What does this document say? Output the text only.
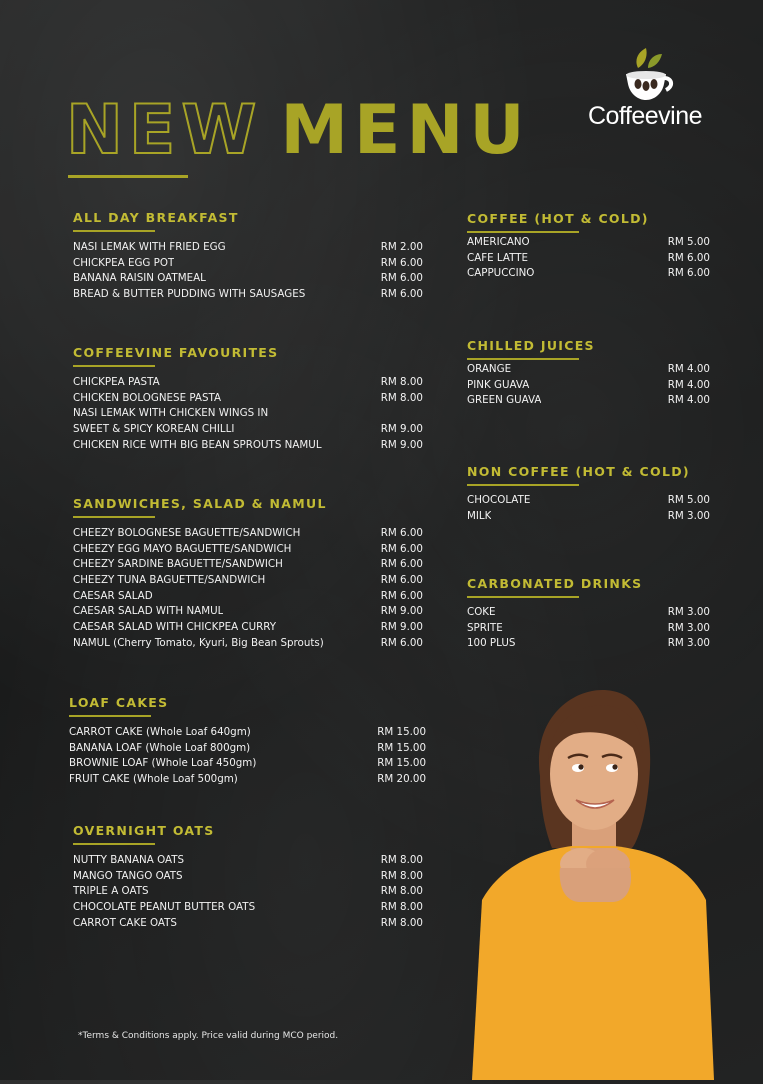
NEW MENU	Coffeevine
ALL DAY BREAKFAST
NASI LEMAK WITH FRIED EGG	RM 2.00
CHICKPEA EGG POT	RM 6.00
BANANA RAISIN OATMEAL	RM 6.00
BREAD & BUTTER PUDDING WITH SAUSAGES	RM 6.00
COFFEEVINE FAVOURITES
CHICKPEA PASTA	RM 8.00
CHICKEN BOLOGNESE PASTA	RM 8.00
NASI LEMAK WITH CHICKEN WINGS IN
SWEET & SPICY KOREAN CHILLI	RM 9.00
CHICKEN RICE WITH BIG BEAN SPROUTS NAMUL	RM 9.00
SANDWICHES, SALAD & NAMUL
CHEEZY BOLOGNESE BAGUETTE/SANDWICH	RM 6.00
CHEEZY EGG MAYO BAGUETTE/SANDWICH	RM 6.00
CHEEZY SARDINE BAGUETTE/SANDWICH	RM 6.00
CHEEZY TUNA BAGUETTE/SANDWICH	RM 6.00
CAESAR SALAD	RM 6.00
CAESAR SALAD WITH NAMUL	RM 9.00
CAESAR SALAD WITH CHICKPEA CURRY	RM 9.00
NAMUL (Cherry Tomato, Kyuri, Big Bean Sprouts)	RM 6.00
LOAF CAKES
CARROT CAKE (Whole Loaf 640gm)	RM 15.00
BANANA LOAF (Whole Loaf 800gm)	RM 15.00
BROWNIE LOAF (Whole Loaf 450gm)	RM 15.00
FRUIT CAKE (Whole Loaf 500gm)	RM 20.00
OVERNIGHT OATS
NUTTY BANANA OATS	RM 8.00
MANGO TANGO OATS	RM 8.00
TRIPLE A OATS	RM 8.00
CHOCOLATE PEANUT BUTTER OATS	RM 8.00
CARROT CAKE OATS	RM 8.00
COFFEE (HOT & COLD)
AMERICANO	RM 5.00
CAFE LATTE	RM 6.00
CAPPUCCINO	RM 6.00
CHILLED JUICES
ORANGE	RM 4.00
PINK GUAVA	RM 4.00
GREEN GUAVA	RM 4.00
NON COFFEE (HOT & COLD)
CHOCOLATE	RM 5.00
MILK	RM 3.00
CARBONATED DRINKS
COKE	RM 3.00
SPRITE	RM 3.00
100 PLUS	RM 3.00
*Terms & Conditions apply. Price valid during MCO period.
